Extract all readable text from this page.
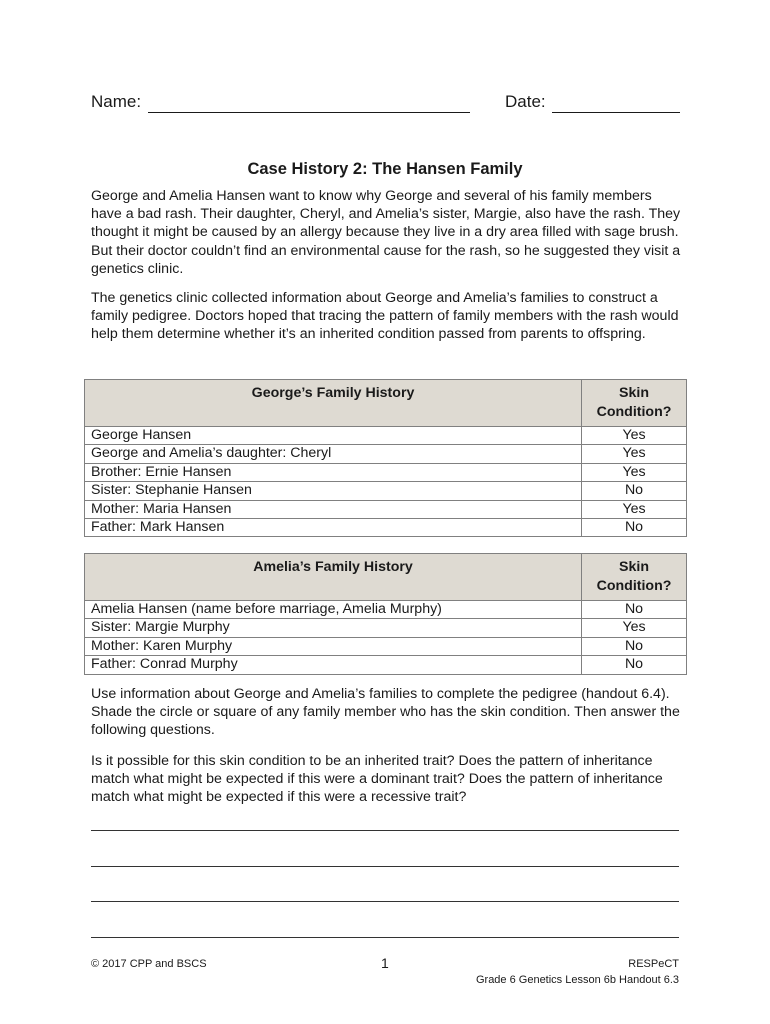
Name:	Date:
Case History 2: The Hansen Family

George and Amelia Hansen want to know why George and several of his family members have a bad rash. Their daughter, Cheryl, and Amelia’s sister, Margie, also have the rash. They thought it might be caused by an allergy because they live in a dry area filled with sage brush. But their doctor couldn’t find an environmental cause for the rash, so he suggested they visit a genetics clinic.

The genetics clinic collected information about George and Amelia’s families to construct a family pedigree. Doctors hoped that tracing the pattern of family members with the rash would help them determine whether it’s an inherited condition passed from parents to offspring.

George’s Family History	Skin Condition?
George Hansen	Yes
George and Amelia’s daughter: Cheryl	Yes
Brother: Ernie Hansen	Yes
Sister: Stephanie Hansen	No
Mother: Maria Hansen	Yes
Father: Mark Hansen	No
Amelia’s Family History	Skin Condition?
Amelia Hansen (name before marriage, Amelia Murphy)	No
Sister: Margie Murphy	Yes
Mother: Karen Murphy	No
Father: Conrad Murphy	No

Use information about George and Amelia’s families to complete the pedigree (handout 6.4). Shade the circle or square of any family member who has the skin condition. Then answer the following questions.

Is it possible for this skin condition to be an inherited trait? Does the pattern of inheritance match what might be expected if this were a dominant trait? Does the pattern of inheritance match what might be expected if this were a recessive trait?

© 2017 CPP and BSCS	1	RESPeCT
Grade 6 Genetics Lesson 6b Handout 6.3
